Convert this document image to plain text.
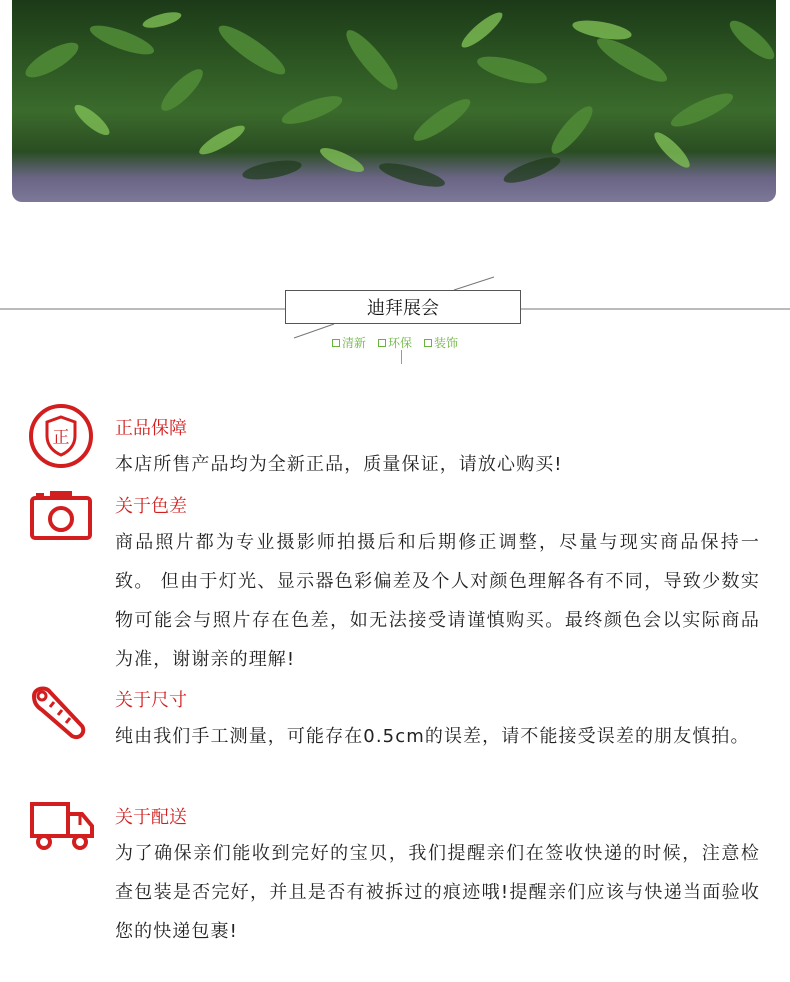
迪拜展会
清新 环保 装饰
正	正品保障
本店所售产品均为全新正品，质量保证，请放心购买!
关于色差
商品照片都为专业摄影师拍摄后和后期修正调整，尽量与现实商品保持一致。 但由于灯光、显示器色彩偏差及个人对颜色理解各有不同，导致少数实物可能会与照片存在色差，如无法接受请谨慎购买。最终颜色会以实际商品为准，谢谢亲的理解!
关于尺寸
纯由我们手工测量，可能存在0.5cm的误差，请不能接受误差的朋友慎拍。
关于配送
为了确保亲们能收到完好的宝贝，我们提醒亲们在签收快递的时候，注意检查包装是否完好，并且是否有被拆过的痕迹哦!提醒亲们应该与快递当面验收您的快递包裹!
